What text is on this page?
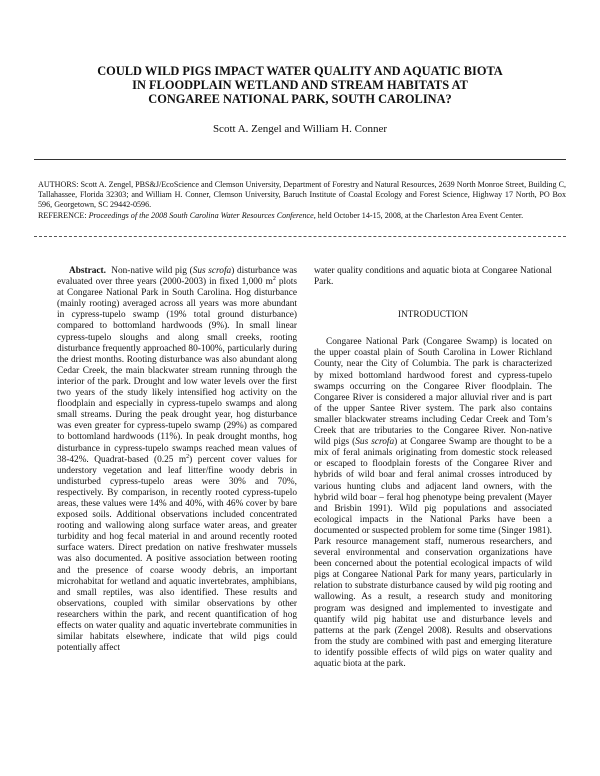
COULD WILD PIGS IMPACT WATER QUALITY AND AQUATIC BIOTA
IN FLOODPLAIN WETLAND AND STREAM HABITATS AT
CONGAREE NATIONAL PARK, SOUTH CAROLINA?
Scott A. Zengel and William H. Conner

AUTHORS: Scott A. Zengel, PBS&J/EcoScience and Clemson University, Department of Forestry and Natural Resources, 2639 North Monroe Street, Building C, Tallahassee, Florida 32303; and William H. Conner, Clemson University, Baruch Institute of Coastal Ecology and Forest Science, Highway 17 North, PO Box 596, Georgetown, SC 29442-0596.

REFERENCE: Proceedings of the 2008 South Carolina Water Resources Conference, held October 14-15, 2008, at the Charleston Area Event Center.

Abstract. Non-native wild pig (Sus scrofa) disturbance was evaluated over three years (2000-2003) in fixed 1,000 $m^2$ plots at Congaree National Park in South Carolina. Hog disturbance (mainly rooting) averaged across all years was more abundant in cypress-tupelo swamp (19% total ground disturbance) compared to bottomland hardwoods (9%). In small linear cypress-tupelo sloughs and along small creeks, rooting disturbance frequently approached 80-100%, particularly during the driest months. Rooting disturbance was also abundant along Cedar Creek, the main blackwater stream running through the interior of the park. Drought and low water levels over the first two years of the study likely intensified hog activity on the floodplain and especially in cypress-tupelo swamps and along small streams. During the peak drought year, hog disturbance was even greater for cypress-tupelo swamp (29%) as compared to bottomland hardwoods (11%). In peak drought months, hog disturbance in cypress-tupelo swamps reached mean values of 38-42%. Quadrat-based (0.25 $m^2$) percent cover values for understory vegetation and leaf litter/fine woody debris in undisturbed cypress-tupelo areas were 30% and 70%, respectively. By comparison, in recently rooted cypress-tupelo areas, these values were 14% and 40%, with 46% cover by bare exposed soils. Additional observations included concentrated rooting and wallowing along surface water areas, and greater turbidity and hog fecal material in and around recently rooted surface waters. Direct predation on native freshwater mussels was also documented. A positive association between rooting and the presence of coarse woody debris, an important microhabitat for wetland and aquatic invertebrates, amphibians, and small reptiles, was also identified. These results and observations, coupled with similar observations by other researchers within the park, and recent quantification of hog effects on water quality and aquatic invertebrate communities in similar habitats elsewhere, indicate that wild pigs could potentially affect

water quality conditions and aquatic biota at Congaree National Park.

INTRODUCTION

Congaree National Park (Congaree Swamp) is located on the upper coastal plain of South Carolina in Lower Richland County, near the City of Columbia. The park is characterized by mixed bottomland hardwood forest and cypress-tupelo swamps occurring on the Congaree River floodplain. The Congaree River is considered a major alluvial river and is part of the upper Santee River system. The park also contains smaller blackwater streams including Cedar Creek and Tom’s Creek that are tributaries to the Congaree River. Non-native wild pigs (Sus scrofa) at Congaree Swamp are thought to be a mix of feral animals originating from domestic stock released or escaped to floodplain forests of the Congaree River and hybrids of wild boar and feral animal crosses introduced by various hunting clubs and adjacent land owners, with the hybrid wild boar – feral hog phenotype being prevalent (Mayer and Brisbin 1991). Wild pig populations and associated ecological impacts in the National Parks have been a documented or suspected problem for some time (Singer 1981). Park resource management staff, numerous researchers, and several environmental and conservation organizations have been concerned about the potential ecological impacts of wild pigs at Congaree National Park for many years, particularly in relation to substrate disturbance caused by wild pig rooting and wallowing. As a result, a research study and monitoring program was designed and implemented to investigate and quantify wild pig habitat use and disturbance levels and patterns at the park (Zengel 2008). Results and observations from the study are combined with past and emerging literature to identify possible effects of wild pigs on water quality and aquatic biota at the park.
